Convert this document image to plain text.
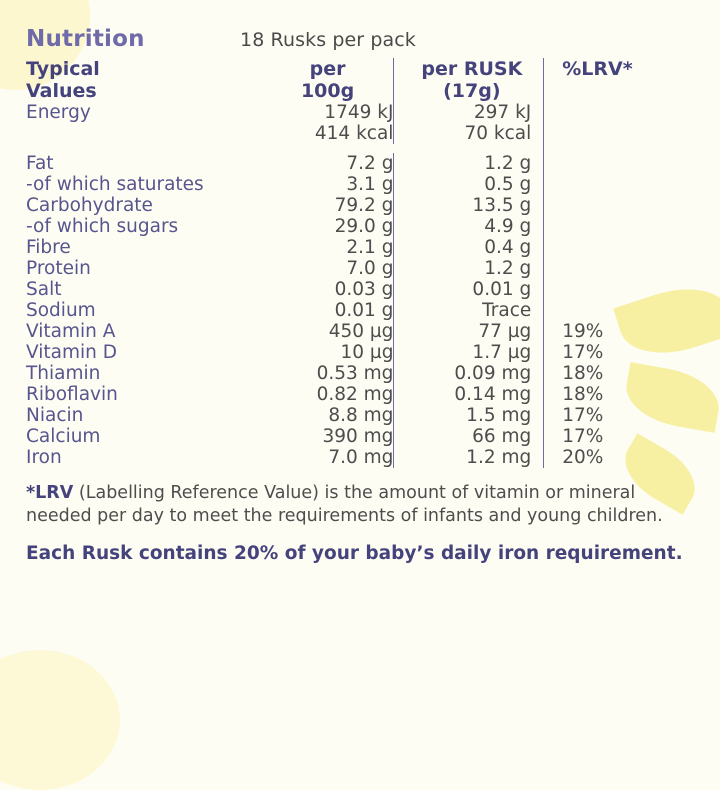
Nutrition	18 Rusks per pack
Typical	per	per RUSK	%LRV*
Values	100g	(17g)	
Energy	1749 kJ	297 kJ	
	414 kcal	70 kcal	

Fat	7.2 g	1.2 g	
-of which saturates	3.1 g	0.5 g	
Carbohydrate	79.2 g	13.5 g	
-of which sugars	29.0 g	4.9 g	
Fibre	2.1 g	0.4 g	
Protein	7.0 g	1.2 g	
Salt	0.03 g	0.01 g	
Sodium	0.01 g	Trace	
Vitamin A	450 µg	77 µg	19%
Vitamin D	10 µg	1.7 µg	17%
Thiamin	0.53 mg	0.09 mg	18%
Riboflavin	0.82 mg	0.14 mg	18%
Niacin	8.8 mg	1.5 mg	17%
Calcium	390 mg	66 mg	17%
Iron	7.0 mg	1.2 mg	20%
*LRV (Labelling Reference Value) is the amount of vitamin or mineral needed per day to meet the requirements of infants and young children.
Each Rusk contains 20% of your baby’s daily iron requirement.
